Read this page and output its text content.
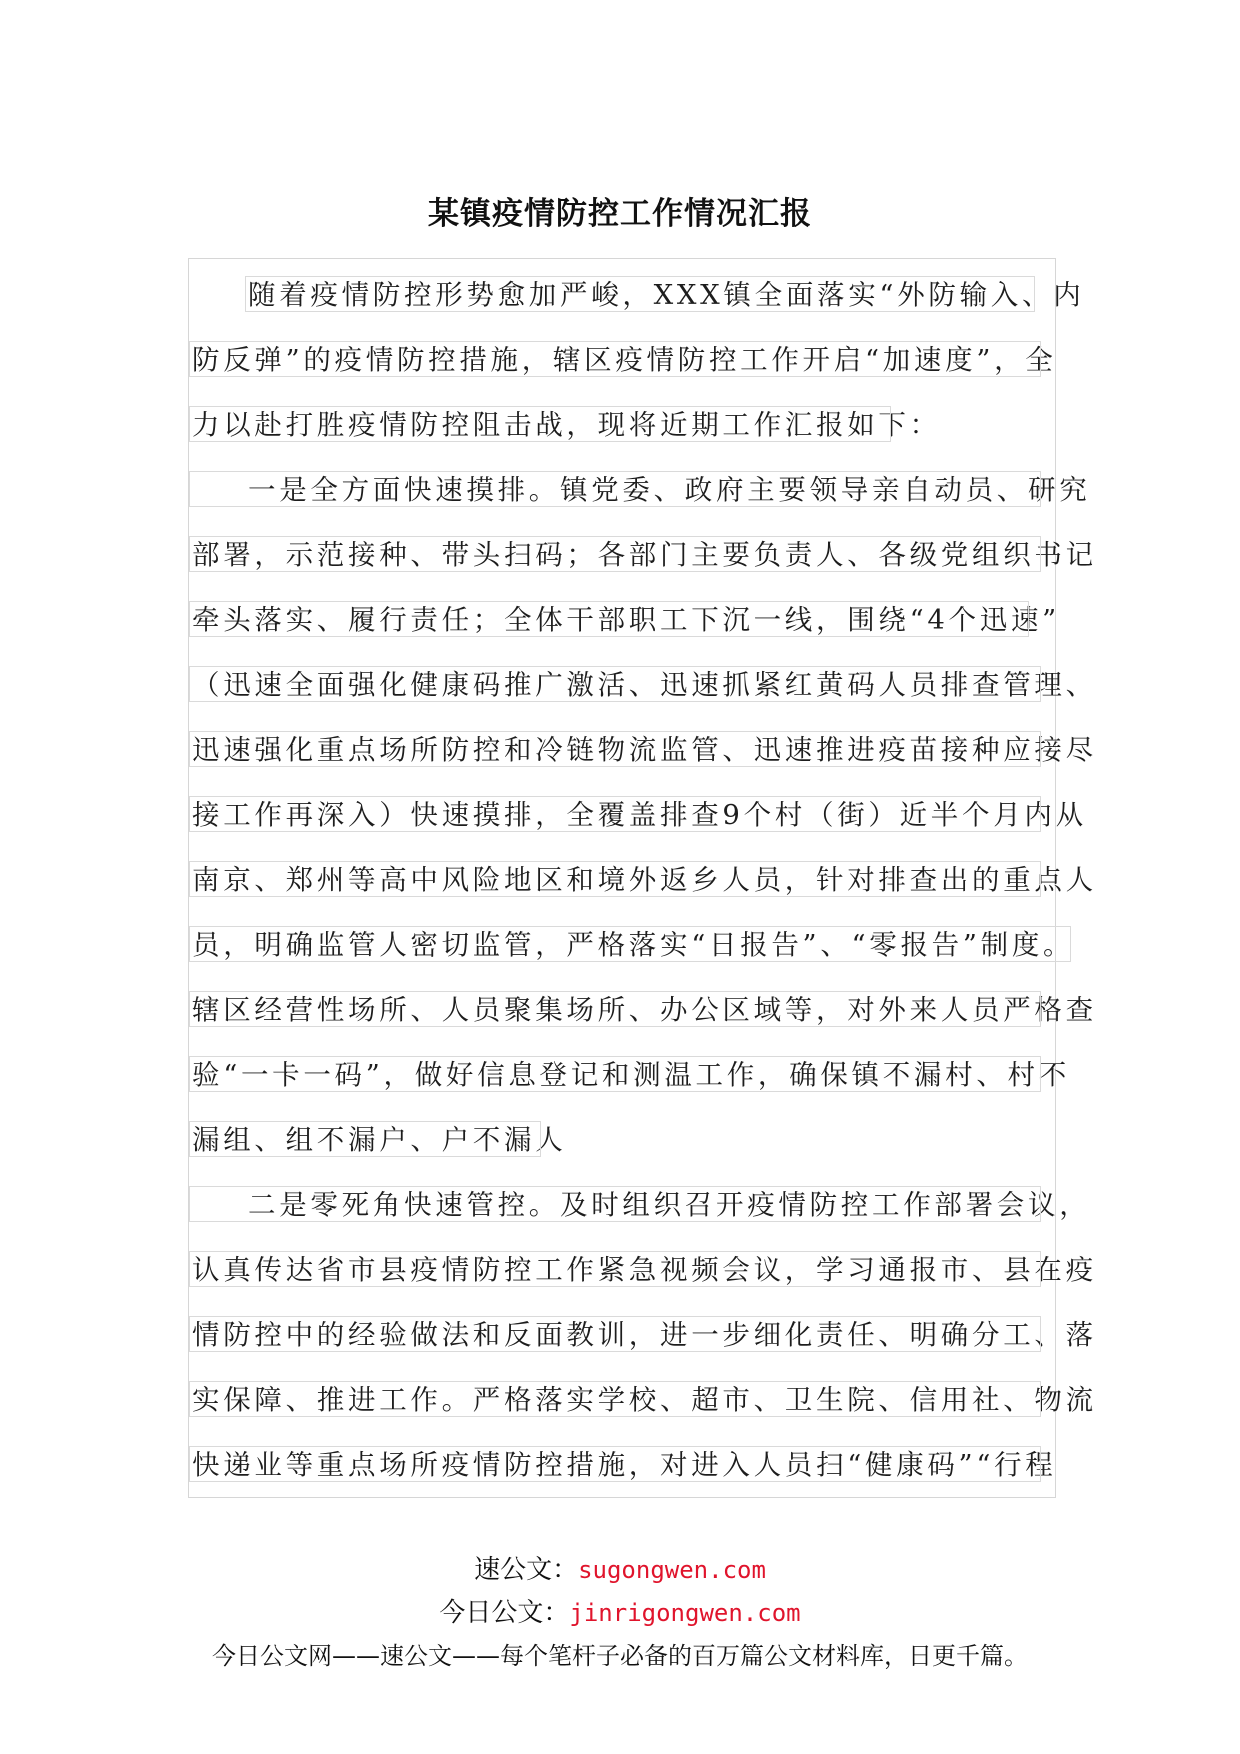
某镇疫情防控工作情况汇报
随着疫情防控形势愈加严峻，XXX镇全面落实“外防输入、内
防反弹”的疫情防控措施，辖区疫情防控工作开启“加速度”，全
力以赴打胜疫情防控阻击战，现将近期工作汇报如下：
一是全方面快速摸排。镇党委、政府主要领导亲自动员、研究
部署，示范接种、带头扫码；各部门主要负责人、各级党组织书记
牵头落实、履行责任；全体干部职工下沉一线，围绕“4个迅速”
（迅速全面强化健康码推广激活、迅速抓紧红黄码人员排查管理、
迅速强化重点场所防控和冷链物流监管、迅速推进疫苗接种应接尽
接工作再深入）快速摸排，全覆盖排查9个村（街）近半个月内从
南京、郑州等高中风险地区和境外返乡人员，针对排查出的重点人
员，明确监管人密切监管，严格落实“日报告”、“零报告”制度。
辖区经营性场所、人员聚集场所、办公区域等，对外来人员严格查
验“一卡一码”，做好信息登记和测温工作，确保镇不漏村、村不
漏组、组不漏户、户不漏人
二是零死角快速管控。及时组织召开疫情防控工作部署会议，
认真传达省市县疫情防控工作紧急视频会议，学习通报市、县在疫
情防控中的经验做法和反面教训，进一步细化责任、明确分工、落
实保障、推进工作。严格落实学校、超市、卫生院、信用社、物流
快递业等重点场所疫情防控措施，对进入人员扫“健康码”“行程
速公文：sugongwen.com
今日公文：jinrigongwen.com
今日公文网——速公文——每个笔杆子必备的百万篇公文材料库，日更千篇。
